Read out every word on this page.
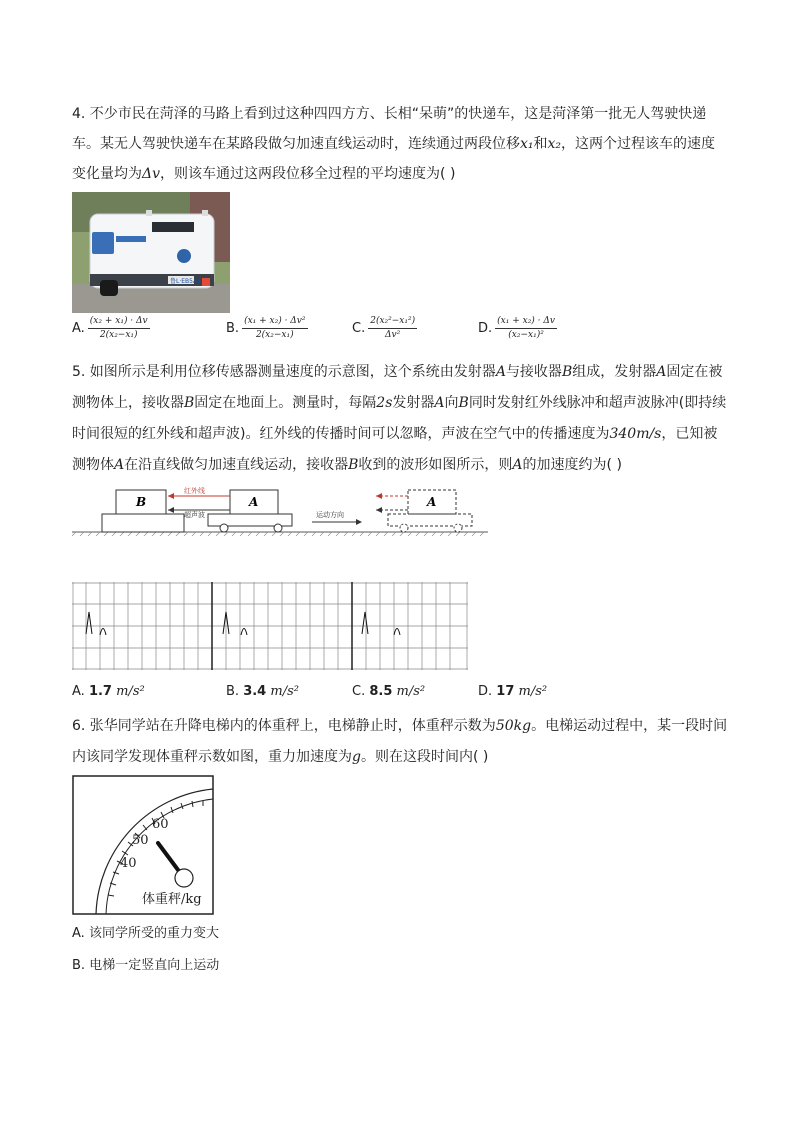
4. 不少市民在菏泽的马路上看到过这种四四方方、长相“呆萌”的快递车，这是菏泽第一批无人驾驶快递
车。某无人驾驶快递车在某路段做匀加速直线运动时，连续通过两段位移x₁和x₂，这两个过程该车的速度
变化量均为Δv，则该车通过这两段位移全过程的平均速度为( )
鲁L·EB5A3
A. $\frac{\text{(x₂ + x₁) · Δv}}{\text{2(x₂−x₁)}}$	B. $\frac{\text{(x₁ + x₂) · Δv²}}{\text{2(x₂−x₁)}}$	C. $\frac{\text{2(x₂²−x₁²)}}{\text{Δv²}}$	D. $\frac{\text{(x₁ + x₂) · Δv}}{\text{(x₂−x₁)²}}$
5. 如图所示是利用位移传感器测量速度的示意图，这个系统由发射器A与接收器B组成，发射器A固定在被
测物体上，接收器B固定在地面上。测量时，每隔2s发射器A向B同时发射红外线脉冲和超声波脉冲(即持续
时间很短的红外线和超声波)。红外线的传播时间可以忽略，声波在空气中的传播速度为340m/s，已知被
测物体A在沿直线做匀加速直线运动，接收器B收到的波形如图所示，则A的加速度约为( )
B	A
红外线
超声波	运动方向
A
A. 1.7 m/s²	B. 3.4 m/s²	C. 8.5 m/s²	D. 17 m/s²
6. 张华同学站在升降电梯内的体重秤上，电梯静止时，体重秤示数为50kg。电梯运动过程中，某一段时间
内该同学发现体重秤示数如图，重力加速度为g。则在这段时间内( )
40
50
60
体重秤/kg
A. 该同学所受的重力变大
B. 电梯一定竖直向上运动
